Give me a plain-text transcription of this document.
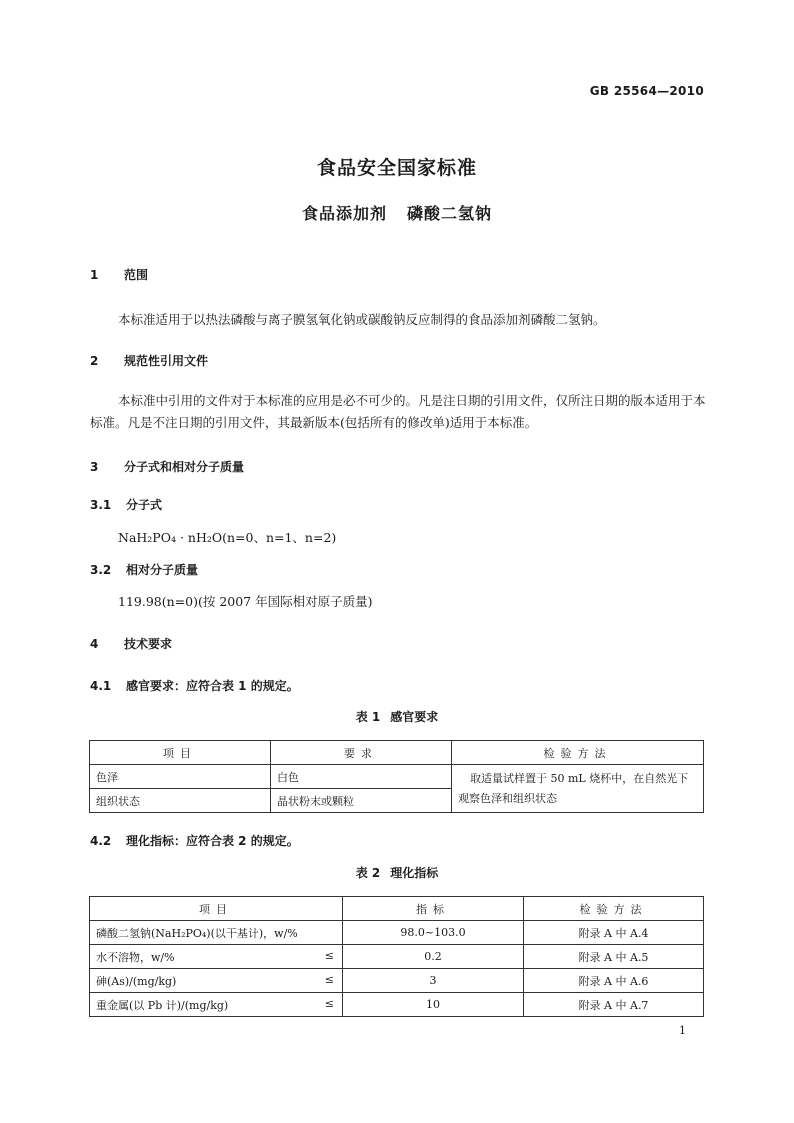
GB 25564—2010
食品安全国家标准
食品添加剂 磷酸二氢钠
1 范围
本标准适用于以热法磷酸与离子膜氢氧化钠或碳酸钠反应制得的食品添加剂磷酸二氢钠。
2 规范性引用文件
本标准中引用的文件对于本标准的应用是必不可少的。凡是注日期的引用文件，仅所注日期的版本适用于本标准。凡是不注日期的引用文件，其最新版本(包括所有的修改单)适用于本标准。
3 分子式和相对分子质量
3.1 分子式
NaH₂PO₄ · nH₂O(n=0、n=1、n=2)
3.2 相对分子质量
119.98(n=0)(按 2007 年国际相对原子质量)
4 技术要求
4.1 感官要求：应符合表 1 的规定。
表 1 感官要求
项目	要求	检验方法
色泽	白色	取适量试样置于 50 mL 烧杯中，在自然光下观察色泽和组织状态
组织状态	晶状粉末或颗粒	
4.2 理化指标：应符合表 2 的规定。
表 2 理化指标
项目	指标	检验方法
磷酸二氢钠(NaH₂PO₄)(以干基计)，w/%	98.0~103.0	附录 A 中 A.4
水不溶物，w/% ≤	0.2	附录 A 中 A.5
砷(As)/(mg/kg) ≤	3	附录 A 中 A.6
重金属(以 Pb 计)/(mg/kg) ≤	10	附录 A 中 A.7
1
